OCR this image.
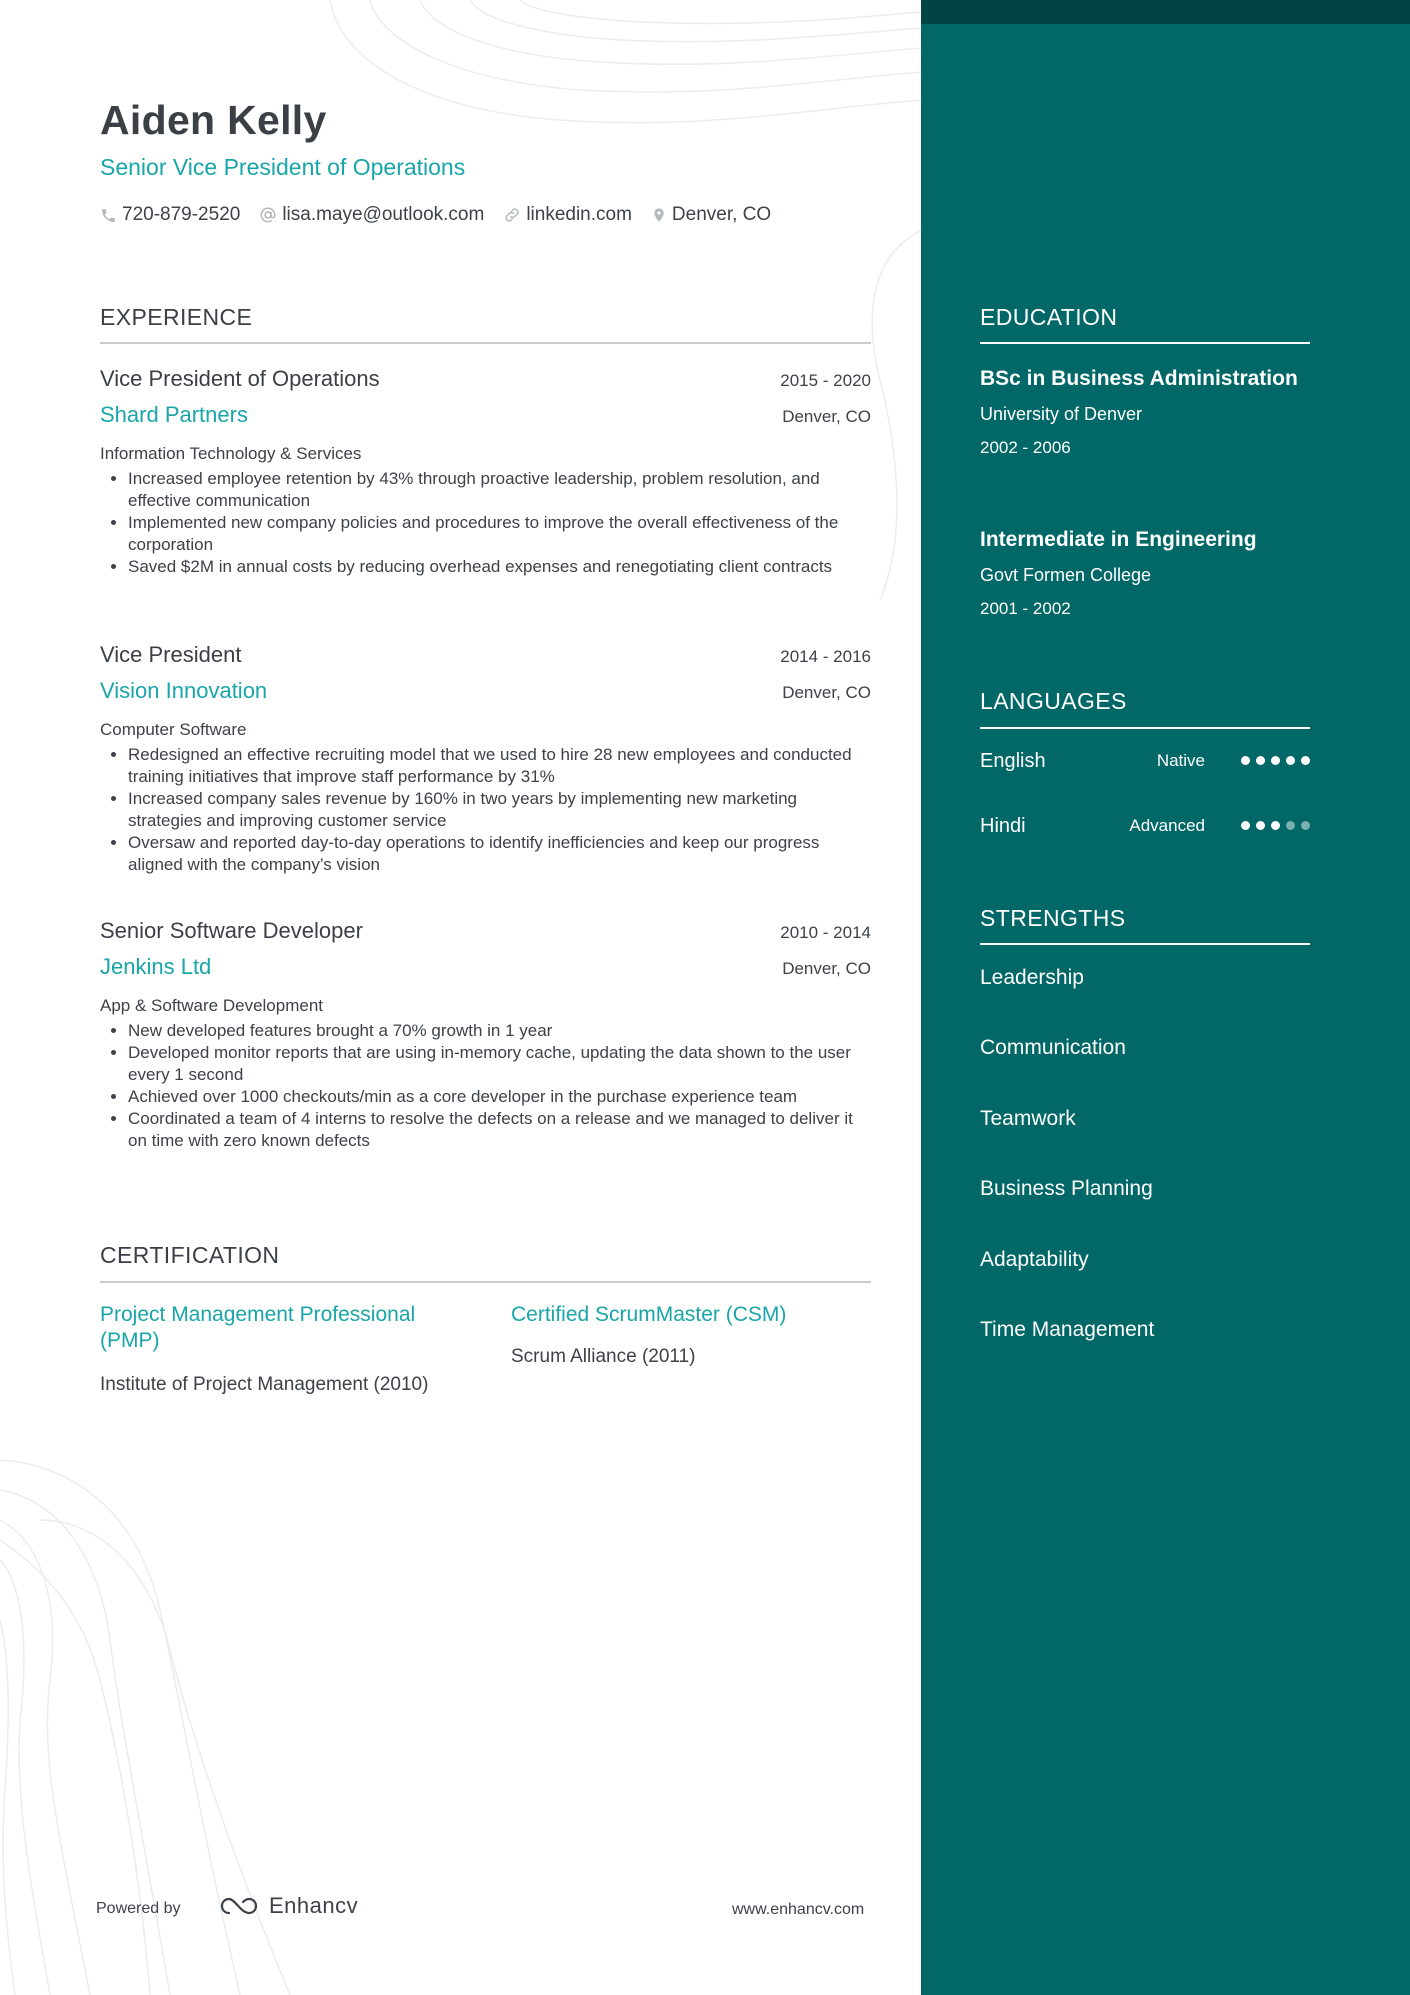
Aiden Kelly
Senior Vice President of Operations
720-879-2520 lisa.maye@outlook.com linkedin.com Denver, CO
EXPERIENCE
Vice President of Operations	2015 - 2020
Shard Partners	Denver, CO
Information Technology & Services
• Increased employee retention by 43% through proactive leadership, problem resolution, and effective communication
• Implemented new company policies and procedures to improve the overall effectiveness of the corporation
• Saved $2M in annual costs by reducing overhead expenses and renegotiating client contracts
Vice President	2014 - 2016
Vision Innovation	Denver, CO
Computer Software
• Redesigned an effective recruiting model that we used to hire 28 new employees and conducted training initiatives that improve staff performance by 31%
• Increased company sales revenue by 160% in two years by implementing new marketing strategies and improving customer service
• Oversaw and reported day-to-day operations to identify inefficiencies and keep our progress aligned with the company’s vision
Senior Software Developer	2010 - 2014
Jenkins Ltd	Denver, CO
App & Software Development
• New developed features brought a 70% growth in 1 year
• Developed monitor reports that are using in-memory cache, updating the data shown to the user every 1 second
• Achieved over 1000 checkouts/min as a core developer in the purchase experience team
• Coordinated a team of 4 interns to resolve the defects on a release and we managed to deliver it on time with zero known defects
CERTIFICATION
Project Management Professional (PMP)
Institute of Project Management (2010)
Certified ScrumMaster (CSM)
Scrum Alliance (2011)
EDUCATION
BSc in Business Administration
University of Denver
2002 - 2006
Intermediate in Engineering
Govt Formen College
2001 - 2002
LANGUAGES
English	Native
Hindi	Advanced
STRENGTHS
Leadership
Communication
Teamwork
Business Planning
Adaptability
Time Management
Powered by	Enhancv	www.enhancv.com
